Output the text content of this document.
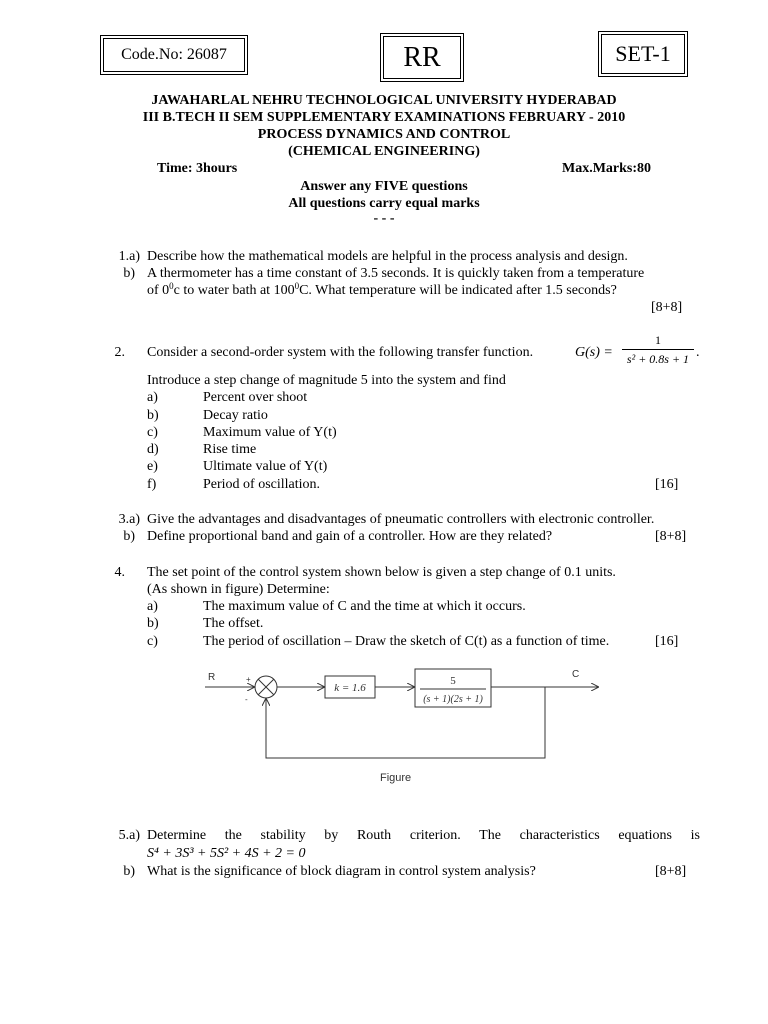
Code.No: 26087	RR	SET-1
JAWAHARLAL NEHRU TECHNOLOGICAL UNIVERSITY HYDERABAD
III B.TECH II SEM SUPPLEMENTARY EXAMINATIONS FEBRUARY - 2010
PROCESS DYNAMICS AND CONTROL
(CHEMICAL ENGINEERING)
Time: 3hours	Max.Marks:80
Answer any FIVE questions
All questions carry equal marks
- - -
1.a) Describe how the mathematical models are helpful in the process analysis and design.
b) A thermometer has a time constant of 3.5 seconds. It is quickly taken from a temperature
of $0^0c$ to water bath at $100^0C$. What temperature will be indicated after 1.5 seconds?
[8+8]
2. Consider a second-order system with the following transfer function.	G(s) =
1
s² + 0.8s + 1 .
Introduce a step change of magnitude 5 into the system and find
a)	Percent over shoot
b)	Decay ratio
c)	Maximum value of Y(t)
d)	Rise time
e)	Ultimate value of Y(t)
f)	Period of oscillation.	[16]
3.a) Give the advantages and disadvantages of pneumatic controllers with electronic controller.
b) Define proportional band and gain of a controller. How are they related?	[8+8]
4. The set point of the control system shown below is given a step change of 0.1 units.
(As shown in figure) Determine:
a)	The maximum value of C and the time at which it occurs.
b)	The offset.
c)	The period of oscillation – Draw the sketch of C(t) as a function of time.	[16]
R	C
+
-
k = 1.6
5
(s + 1)(2s + 1)
Figure
5.a) Determine the stability by Routh criterion. The characteristics equations is
S⁴ + 3S³ + 5S² + 4S + 2 = 0
b) What is the significance of block diagram in control system analysis?	[8+8]
